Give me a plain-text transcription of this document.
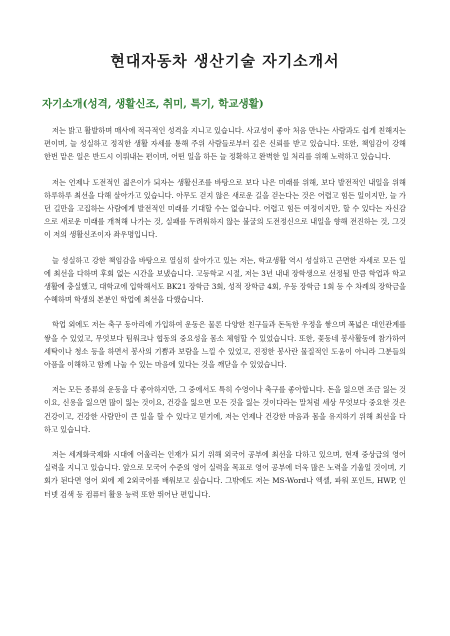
현대자동차 생산기술 자기소개서
자기소개(성격, 생활신조, 취미, 특기, 학교생활)

저는 밝고 활발하며 매사에 적극적인 성격을 지니고 있습니다. 사교성이 좋아 처음 만나는 사람과도 쉽게 친해지는 편이며, 늘 성실하고 정직한 생활 자세를 통해 주위 사람들로부터 깊은 신뢰를 받고 있습니다. 또한, 책임감이 강해 한번 맡은 일은 반드시 이뤄내는 편이며, 어떤 일을 하든 늘 정확하고 완벽한 일 처리를 위해 노력하고 있습니다.

저는 언제나 도전적인 젊은이가 되자는 생활신조를 바탕으로 보다 나은 미래를 위해, 보다 발전적인 내일을 위해 하루하루 최선을 다해 살아가고 있습니다. 아무도 걷지 않은 새로운 길을 걷는다는 것은 어렵고 힘든 일이지만, 늘 가던 길만을 고집하는 사람에게 발전적인 미래를 기대할 수는 없습니다. 어렵고 힘든 여정이지만, 할 수 있다는 자신감으로 새로운 미래를 개척해 나가는 것, 실패를 두려워하지 않는 불굴의 도전정신으로 내일을 향해 전진하는 것, 그것이 저의 생활신조이자 좌우명입니다.

늘 성실하고 강한 책임감을 바탕으로 열심히 살아가고 있는 저는, 학교생활 역시 성실하고 근면한 자세로 모든 일에 최선을 다하며 후회 없는 시간을 보냈습니다. 고등학교 시절, 저는 3년 내내 장학생으로 선정될 만큼 학업과 학교생활에 충실했고, 대학교에 입학해서도 BK21 장학금 3회, 성적 장학금 4회, 우등 장학금 1회 등 수 차례의 장학금을 수혜하며 학생의 본분인 학업에 최선을 다했습니다.

학업 외에도 저는 축구 동아리에 가입하여 운동은 물론 다양한 친구들과 돈독한 우정을 쌓으며 폭넓은 대인관계를 쌓을 수 있었고, 무엇보다 팀워크나 협동의 중요성을 몸소 체험할 수 있었습니다. 또한, 꽃동네 봉사활동에 참가하여 세탁이나 청소 등을 하면서 봉사의 기쁨과 보람을 느낄 수 있었고, 진정한 봉사란 물질적인 도움이 아니라 그분들의 아픔을 이해하고 함께 나눌 수 있는 마음에 있다는 것을 깨닫을 수 있었습니다.

저는 모든 종류의 운동을 다 좋아하지만, 그 중에서도 특히 수영이나 축구를 좋아합니다. 돈을 잃으면 조금 잃는 것이요, 신용을 잃으면 많이 잃는 것이요, 건강을 잃으면 모든 것을 잃는 것이다라는 말처럼 세상 무엇보다 중요한 것은 건강이고, 건강한 사람만이 큰 일을 할 수 있다고 믿기에, 저는 언제나 건강한 마음과 몸을 유지하기 위해 최선을 다하고 있습니다.

저는 세계화국제화 시대에 어울리는 인재가 되기 위해 외국어 공부에 최선을 다하고 있으며, 현재 중상급의 영어 실력을 지니고 있습니다. 앞으로 모국어 수준의 영어 실력을 목표로 영어 공부에 더욱 많은 노력을 기울일 것이며, 기회가 된다면 영어 외에 제 2외국어를 배워보고 싶습니다. 그밖에도 저는 MS-Word나 엑셀, 파워 포인트, HWP, 인터넷 검색 등 컴퓨터 활용 능력 또한 뛰어난 편입니다.
